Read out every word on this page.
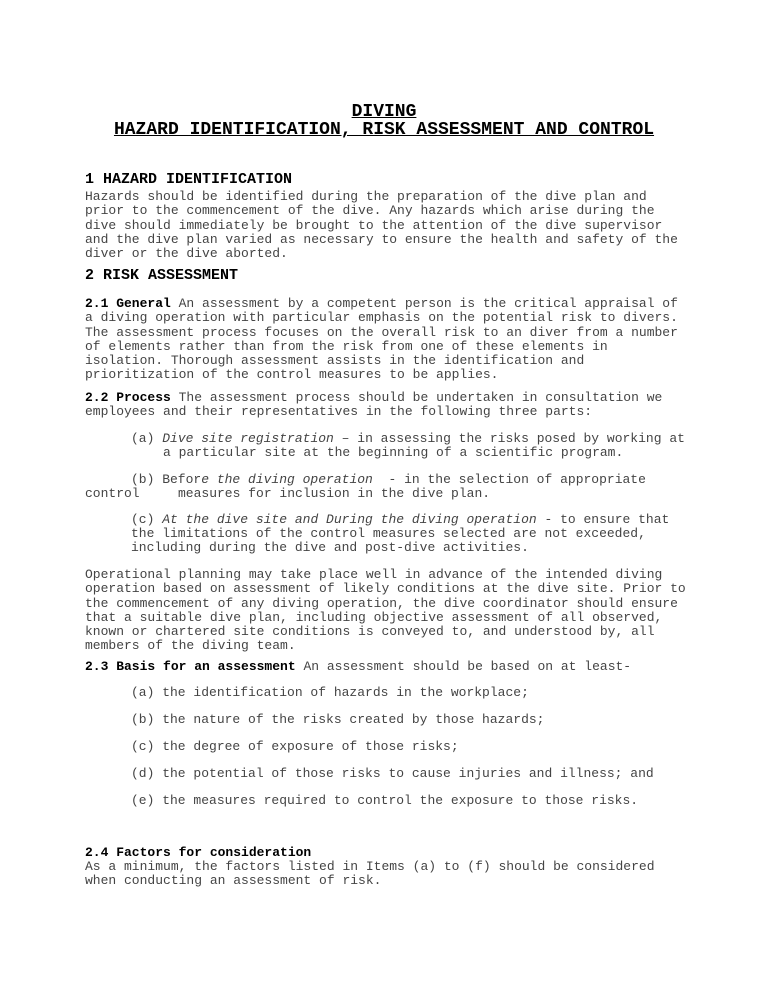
DIVING
HAZARD IDENTIFICATION, RISK ASSESSMENT AND CONTROL
1 HAZARD IDENTIFICATION
Hazards should be identified during the preparation of the dive plan and
prior to the commencement of the dive. Any hazards which arise during the
dive should immediately be brought to the attention of the dive supervisor
and the dive plan varied as necessary to ensure the health and safety of the
diver or the dive aborted.
2 RISK ASSESSMENT
2.1 General An assessment by a competent person is the critical appraisal of
a diving operation with particular emphasis on the potential risk to divers.
The assessment process focuses on the overall risk to an diver from a number
of elements rather than from the risk from one of these elements in
isolation. Thorough assessment assists in the identification and
prioritization of the control measures to be applies.
2.2 Process The assessment process should be undertaken in consultation we
employees and their representatives in the following three parts:
(a) Dive site registration – in assessing the risks posed by working at
a particular site at the beginning of a scientific program.
(b) Before the diving operation  - in the selection of appropriate
control	measures for inclusion in the dive plan.
(c) At the dive site and During the diving operation - to ensure that
the limitations of the control measures selected are not exceeded,
including during the dive and post-dive activities.
Operational planning may take place well in advance of the intended diving
operation based on assessment of likely conditions at the dive site. Prior to
the commencement of any diving operation, the dive coordinator should ensure
that a suitable dive plan, including objective assessment of all observed,
known or chartered site conditions is conveyed to, and understood by, all
members of the diving team.
2.3 Basis for an assessment An assessment should be based on at least-
(a) the identification of hazards in the workplace;
(b) the nature of the risks created by those hazards;
(c) the degree of exposure of those risks;
(d) the potential of those risks to cause injuries and illness; and
(e) the measures required to control the exposure to those risks.
2.4 Factors for consideration
As a minimum, the factors listed in Items (a) to (f) should be considered
when conducting an assessment of risk.
